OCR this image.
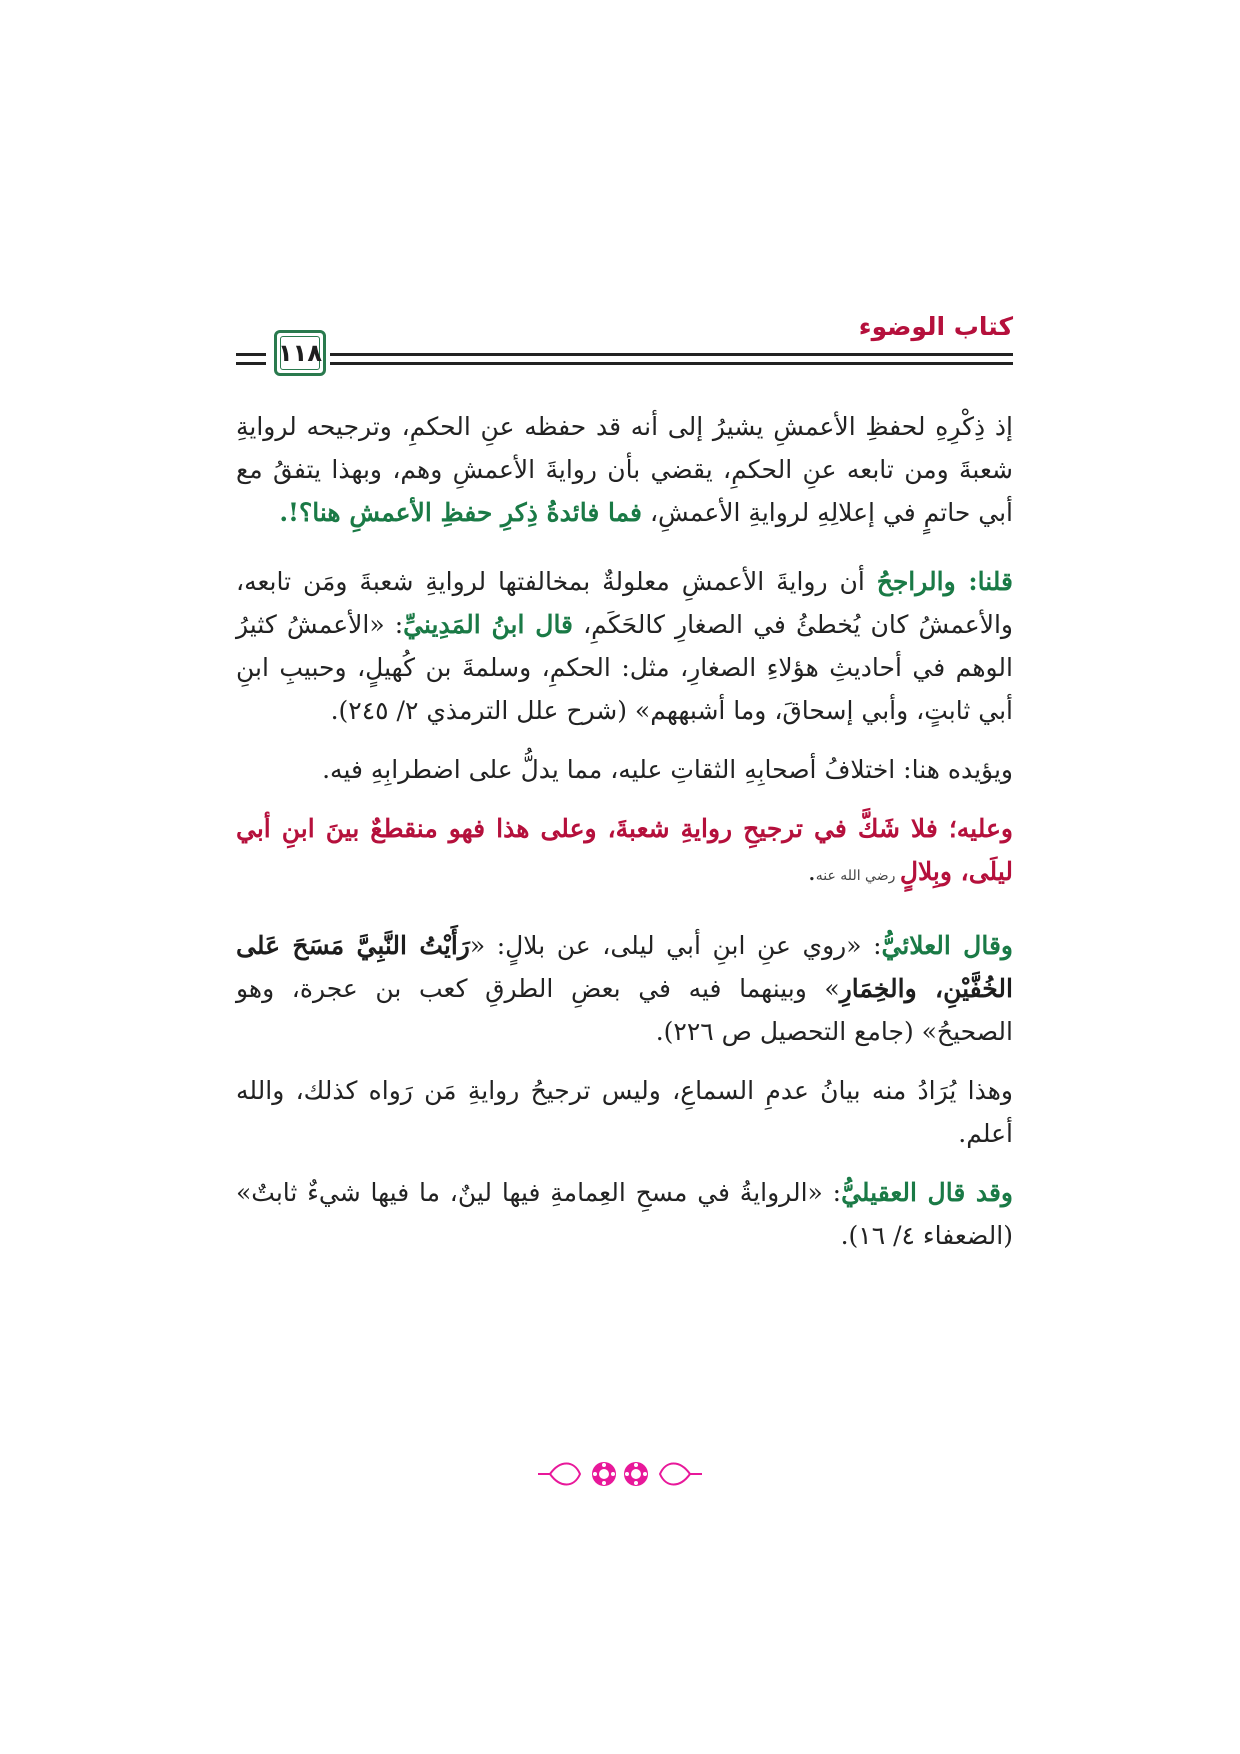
كتاب الوضوء
١١٨

إذ ذِكْرِهِ لحفظِ الأعمشِ يشيرُ إلى أنه قد حفظه عنِ الحكمِ، وترجيحه لروايةِ شعبةَ ومن تابعه عنِ الحكمِ، يقضي بأن روايةَ الأعمشِ وهم، وبهذا يتفقُ مع أبي حاتمٍ في إعلالِهِ لروايةِ الأعمشِ، فما فائدةُ ذِكرِ حفظِ الأعمشِ هنا؟!.

قلنا: والراجحُ أن روايةَ الأعمشِ معلولةٌ بمخالفتها لروايةِ شعبةَ ومَن تابعه، والأعمشُ كان يُخطئُ في الصغارِ كالحَكَمِ، قال ابنُ المَدِينيِّ: «الأعمشُ كثيرُ الوهم في أحاديثِ هؤلاءِ الصغارِ، مثل: الحكمِ، وسلمةَ بن كُهيلٍ، وحبيبِ ابنِ أبي ثابتٍ، وأبي إسحاقَ، وما أشبههم» (شرح علل الترمذي ٢/ ٢٤٥).

ويؤيده هنا: اختلافُ أصحابِهِ الثقاتِ عليه، مما يدلُّ على اضطرابِهِ فيه.

وعليه؛ فلا شَكَّ في ترجيحِ روايةِ شعبةَ، وعلى هذا فهو منقطعٌ بينَ ابنِ أبي ليلَى، وبِلالٍ رضي الله عنه.

وقال العلائيُّ: «روي عنِ ابنِ أبي ليلى، عن بلالٍ: «رَأَيْتُ النَّبِيَّ مَسَحَ عَلى الخُفَّيْنِ، والخِمَارِ» وبينهما فيه في بعضِ الطرقِ كعب بن عجرة، وهو الصحيحُ» (جامع التحصيل ص ٢٢٦).

وهذا يُرَادُ منه بيانُ عدمِ السماعِ، وليس ترجيحُ روايةِ مَن رَواه كذلك، والله أعلم.

وقد قال العقيليُّ: «الروايةُ في مسحِ العِمامةِ فيها لينٌ، ما فيها شيءٌ ثابتٌ» (الضعفاء ٤/ ١٦).
